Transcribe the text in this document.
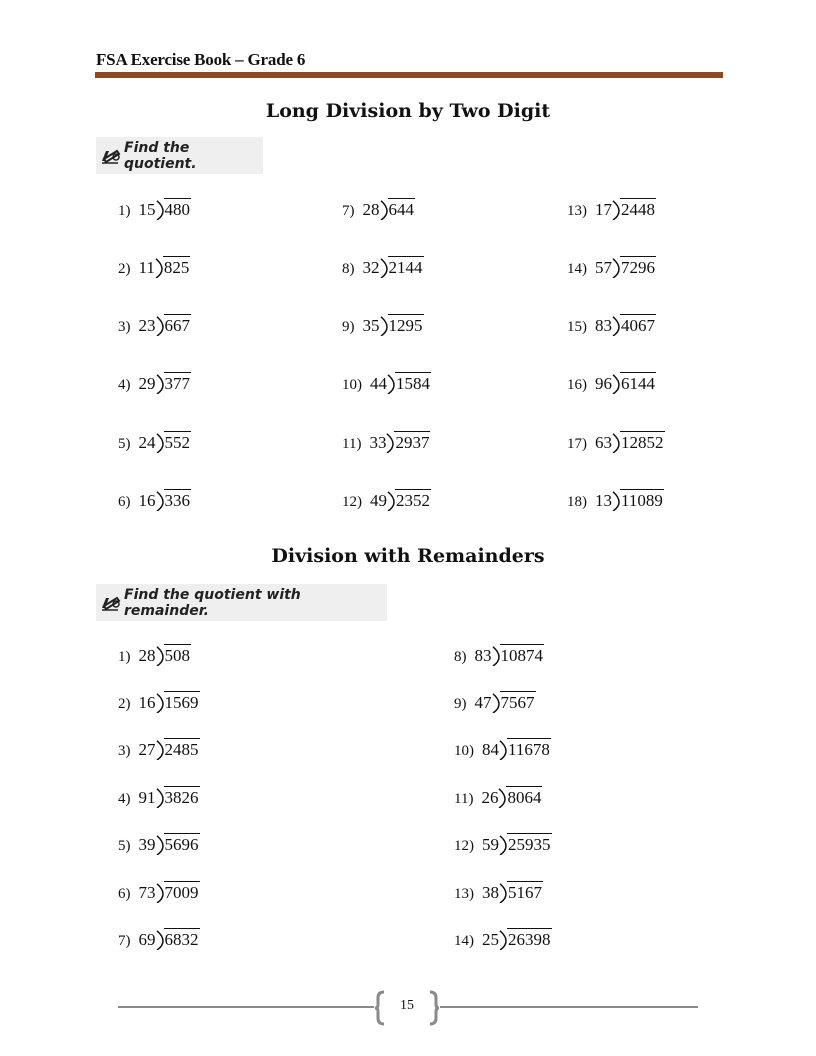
FSA Exercise Book – Grade 6
Long Division by Two Digit
Find the quotient.
1) 15 480
2) 11 825
3) 23 667
4) 29 377
5) 24 552
6) 16 336
7) 28 644
8) 32 2144
9) 35 1295
10) 44 1584
11) 33 2937
12) 49 2352
13) 17 2448
14) 57 7296
15) 83 4067
16) 96 6144
17) 63 12852
18) 13 11089
Division with Remainders
Find the quotient with remainder.
1) 28 508
2) 16 1569
3) 27 2485
4) 91 3826
5) 39 5696
6) 73 7009
7) 69 6832
8) 83 10874
9) 47 7567
10) 84 11678
11) 26 8064
12) 59 25935
13) 38 5167
14) 25 26398
15
